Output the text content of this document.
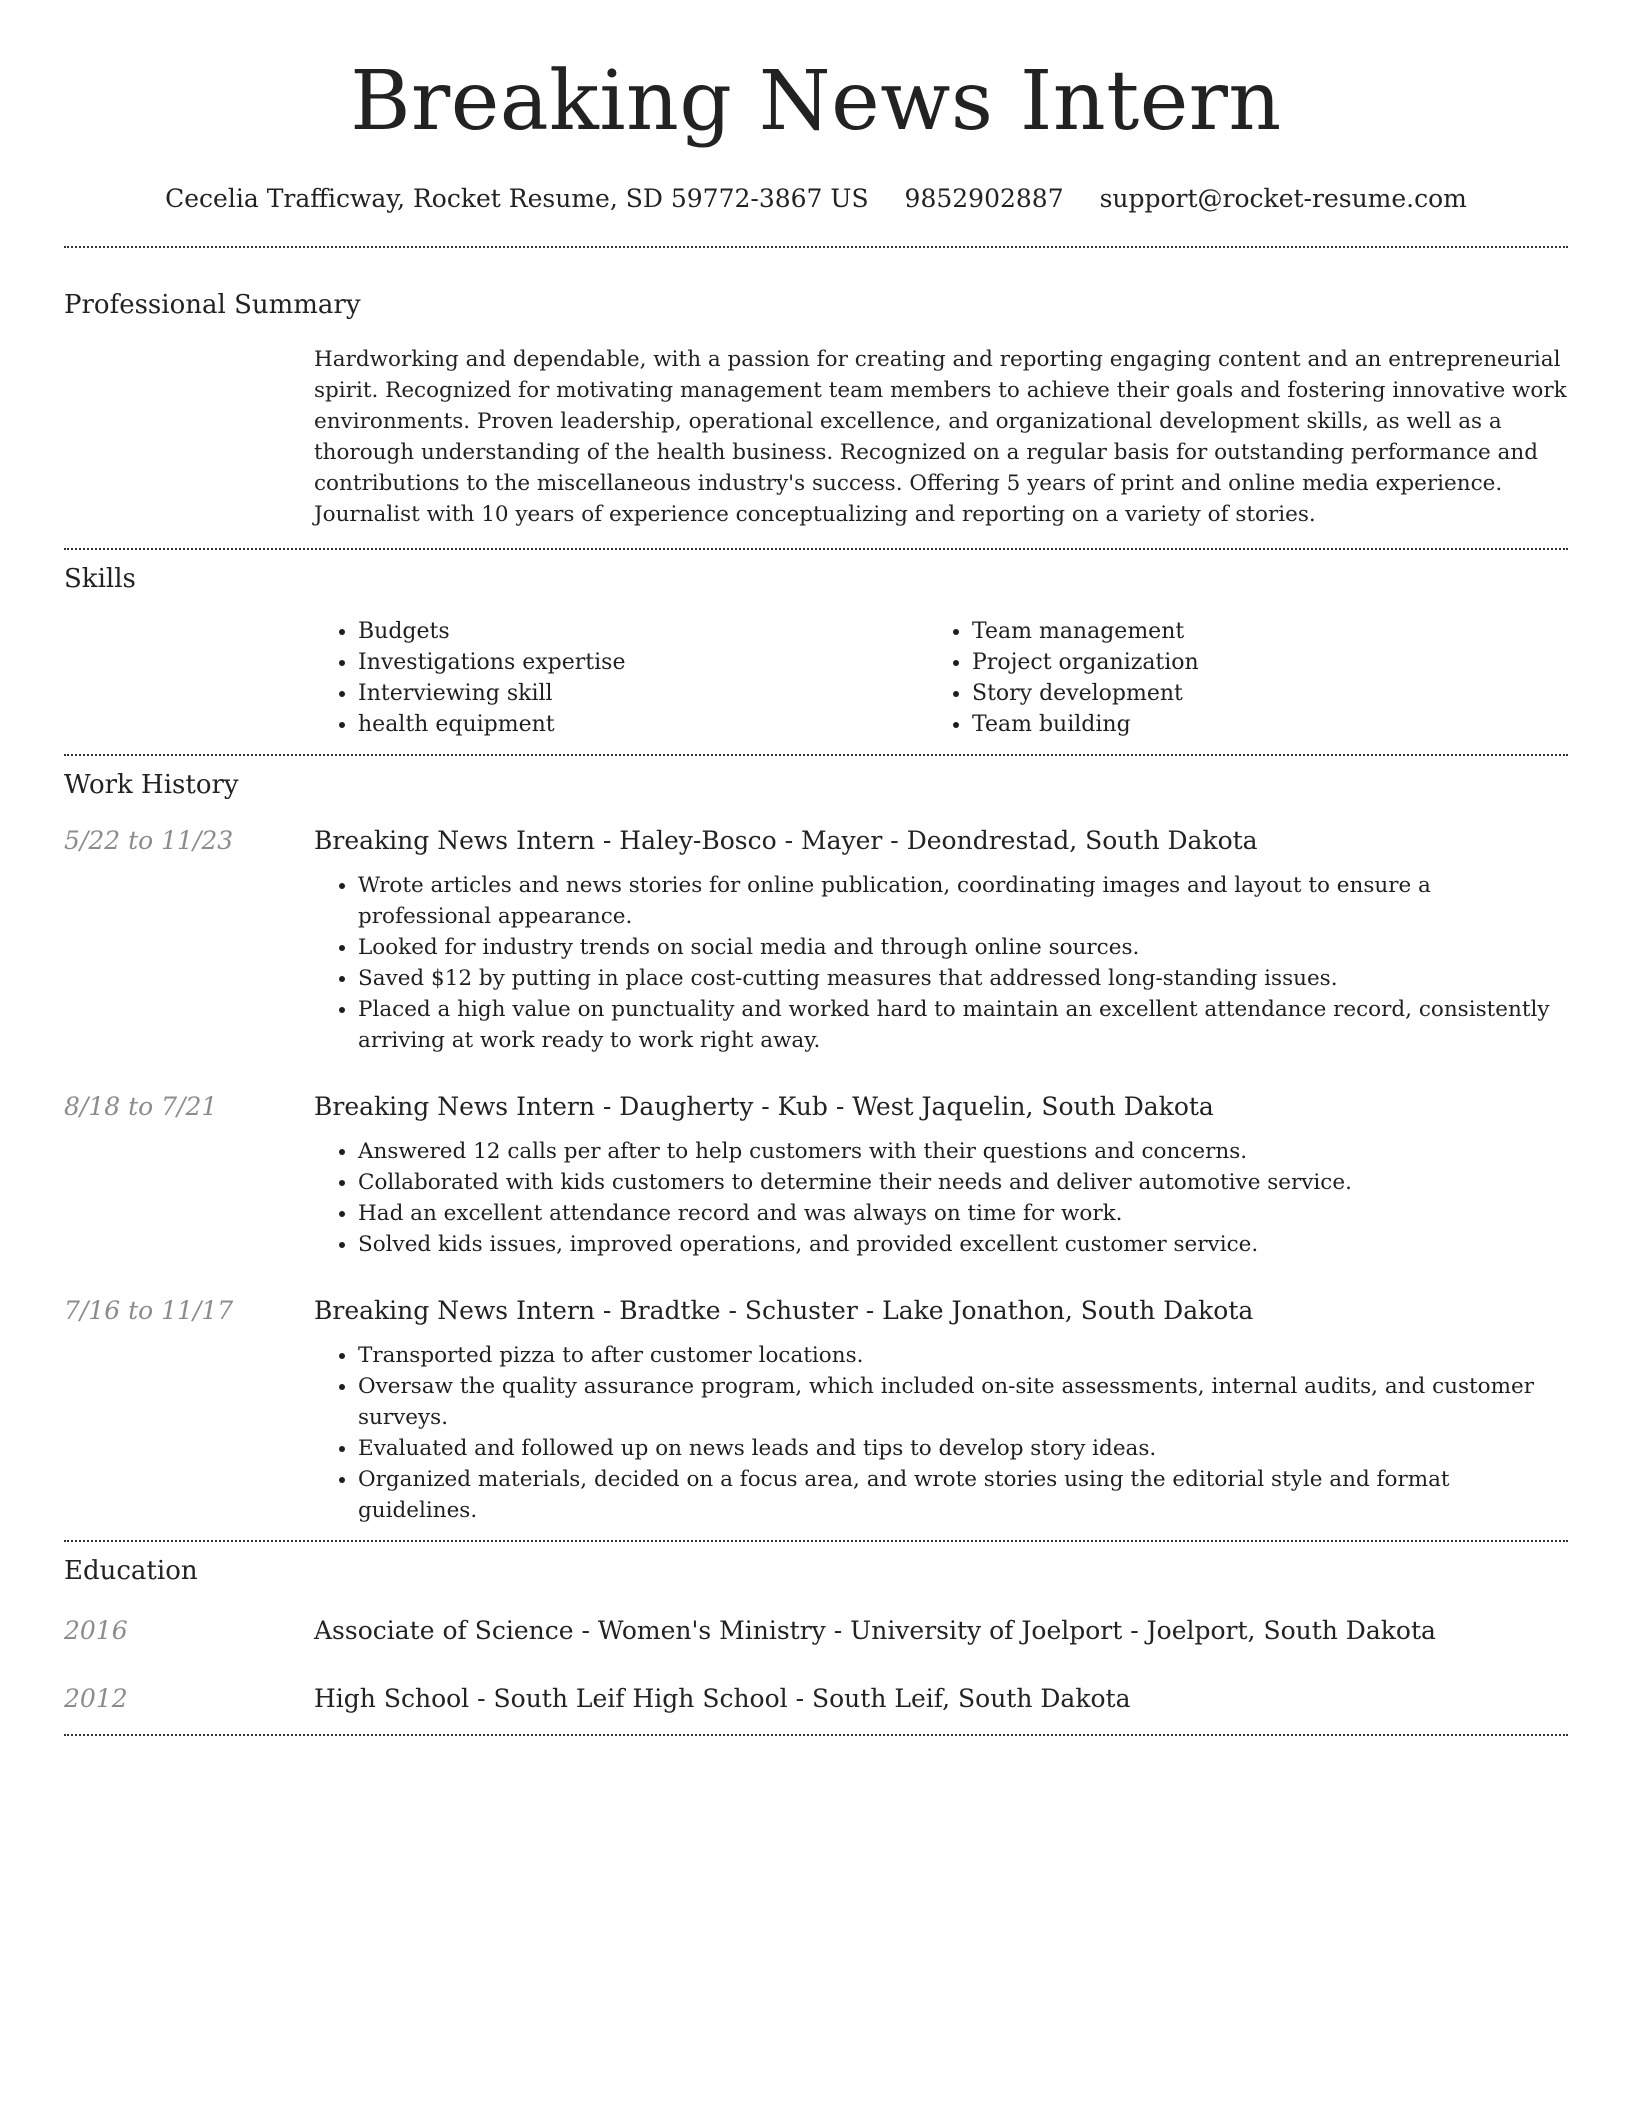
Breaking News Intern
Cecelia Trafficway, Rocket Resume, SD 59772-3867 US 9852902887 support@rocket-resume.com
Professional Summary

Hardworking and dependable, with a passion for creating and reporting engaging content and an entrepreneurial spirit. Recognized for motivating management team members to achieve their goals and fostering innovative work environments. Proven leadership, operational excellence, and organizational development skills, as well as a thorough understanding of the health business. Recognized on a regular basis for outstanding performance and contributions to the miscellaneous industry's success. Offering 5 years of print and online media experience. Journalist with 10 years of experience conceptualizing and reporting on a variety of stories.

Skills
• Budgets
• Investigations expertise
• Interviewing skill
• health equipment
• Team management
• Project organization
• Story development
• Team building
Work History
5/22 to 11/23	Breaking News Intern - Haley-Bosco - Mayer - Deondrestad, South Dakota
• Wrote articles and news stories for online publication, coordinating images and layout to ensure a professional appearance.
• Looked for industry trends on social media and through online sources.
• Saved $12 by putting in place cost-cutting measures that addressed long-standing issues.
• Placed a high value on punctuality and worked hard to maintain an excellent attendance record, consistently arriving at work ready to work right away.
8/18 to 7/21	Breaking News Intern - Daugherty - Kub - West Jaquelin, South Dakota
• Answered 12 calls per after to help customers with their questions and concerns.
• Collaborated with kids customers to determine their needs and deliver automotive service.
• Had an excellent attendance record and was always on time for work.
• Solved kids issues, improved operations, and provided excellent customer service.
7/16 to 11/17	Breaking News Intern - Bradtke - Schuster - Lake Jonathon, South Dakota
• Transported pizza to after customer locations.
• Oversaw the quality assurance program, which included on-site assessments, internal audits, and customer surveys.
• Evaluated and followed up on news leads and tips to develop story ideas.
• Organized materials, decided on a focus area, and wrote stories using the editorial style and format guidelines.
Education
2016	Associate of Science - Women's Ministry - University of Joelport - Joelport, South Dakota
2012	High School - South Leif High School - South Leif, South Dakota
